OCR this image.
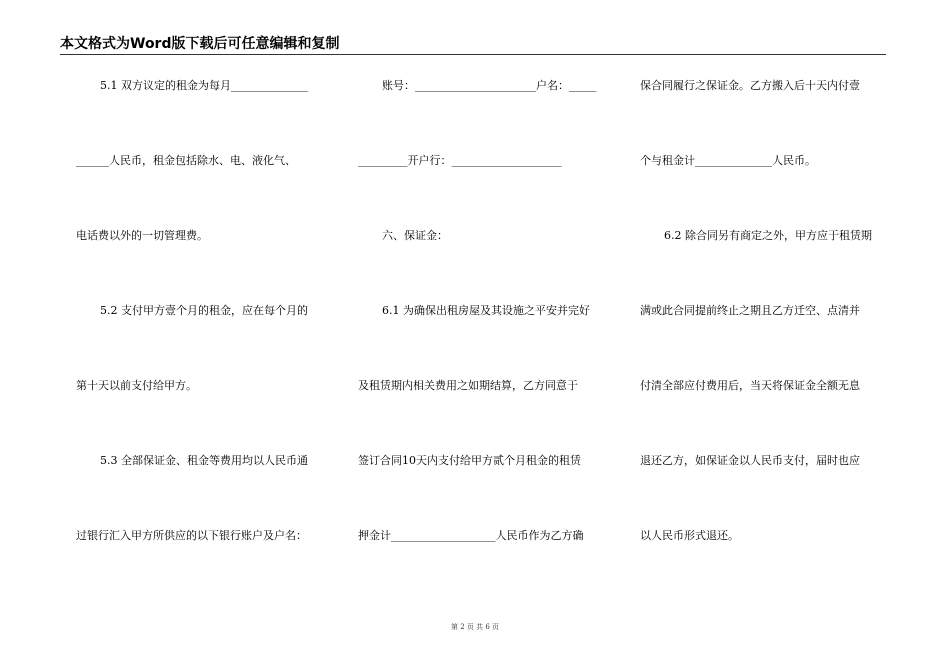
本文格式为Word版下载后可任意编辑和复制
5.1 双方议定的租金为每月______________
______人民币，租金包括除水、电、液化气、
电话费以外的一切管理费。
5.2 支付甲方壹个月的租金，应在每个月的
第十天以前支付给甲方。
5.3 全部保证金、租金等费用均以人民币通
过银行汇入甲方所供应的以下银行账户及户名：
账号：______________________户名：_____
_________开户行：____________________
六、保证金：
6.1 为确保出租房屋及其设施之平安并完好
及租赁期内相关费用之如期结算，乙方同意于
签订合同10天内支付给甲方贰个月租金的租赁
押金计___________________人民币作为乙方确
保合同履行之保证金。乙方搬入后十天内付壹
个与租金计______________人民币。
6.2 除合同另有商定之外，甲方应于租赁期
满或此合同提前终止之期且乙方迁空、点清并
付清全部应付费用后，当天将保证金全额无息
退还乙方，如保证金以人民币支付，届时也应
以人民币形式退还。
第 2 页 共 6 页
